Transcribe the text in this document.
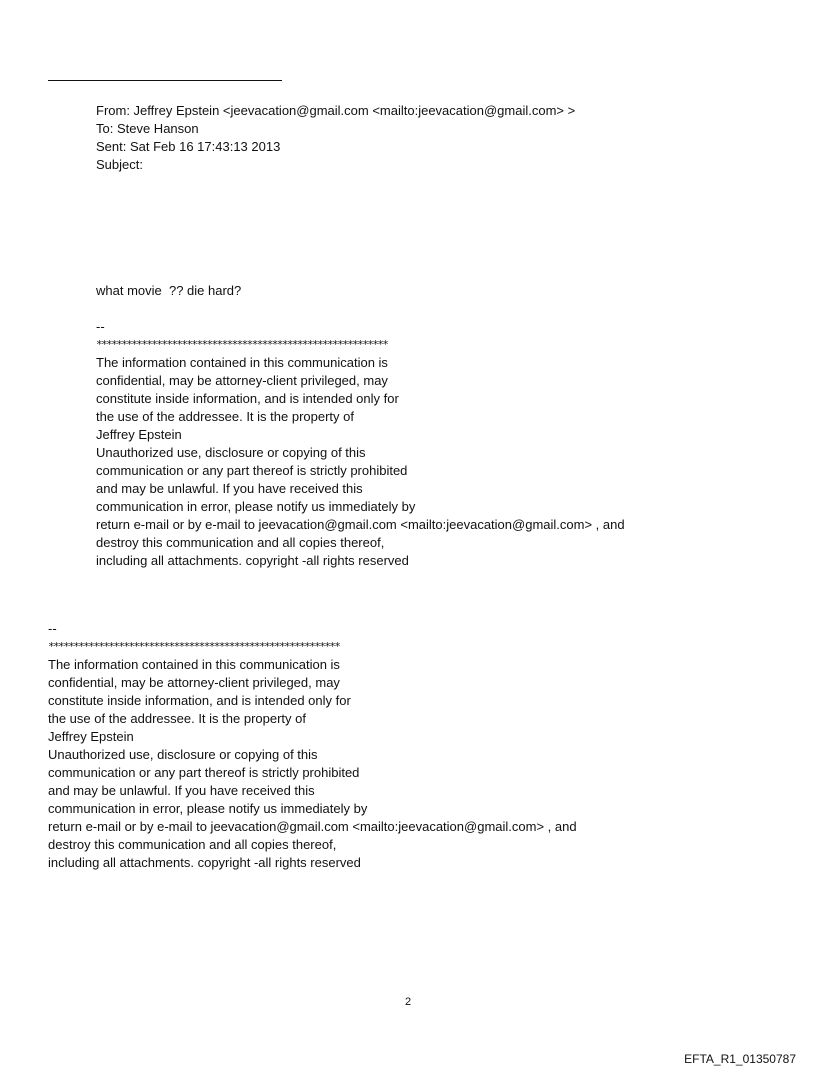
From: Jeffrey Epstein <jeevacation@gmail.com <mailto:jeevacation@gmail.com> >
To: Steve Hanson
Sent: Sat Feb 16 17:43:13 2013
Subject:
what movie  ?? die hard?
--
**********************************************************
The information contained in this communication is
confidential, may be attorney-client privileged, may
constitute inside information, and is intended only for
the use of the addressee. It is the property of
Jeffrey Epstein
Unauthorized use, disclosure or copying of this
communication or any part thereof is strictly prohibited
and may be unlawful. If you have received this
communication in error, please notify us immediately by
return e-mail or by e-mail to jeevacation@gmail.com <mailto:jeevacation@gmail.com> , and
destroy this communication and all copies thereof,
including all attachments. copyright -all rights reserved
--
**********************************************************
The information contained in this communication is
confidential, may be attorney-client privileged, may
constitute inside information, and is intended only for
the use of the addressee. It is the property of
Jeffrey Epstein
Unauthorized use, disclosure or copying of this
communication or any part thereof is strictly prohibited
and may be unlawful. If you have received this
communication in error, please notify us immediately by
return e-mail or by e-mail to jeevacation@gmail.com <mailto:jeevacation@gmail.com> , and
destroy this communication and all copies thereof,
including all attachments. copyright -all rights reserved
2
EFTA_R1_01350787
